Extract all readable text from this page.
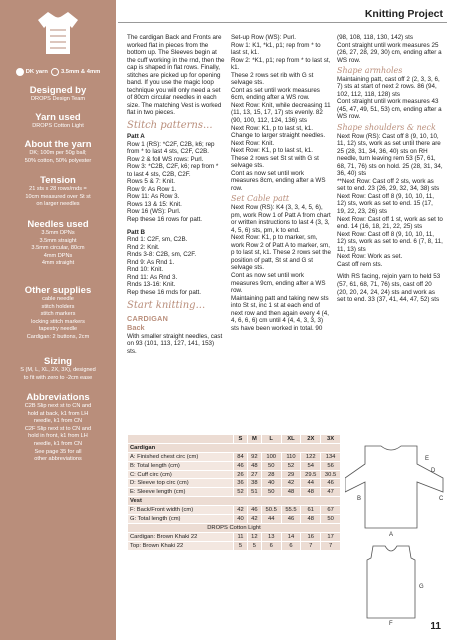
Knitting Project
DK yarn 3.5mm & 4mm
Designed by
DROPS Design Team
Yarn used
DROPS Cotton Light
About the yarn
DK; 100m per 50g ball;
50% cotton, 50% polyester
Tension
21 sts x 28 rows/rnds =
10cm measured over St st
on larger needles
Needles used
3.5mm DPNs
3.5mm straight
3.5mm circular, 80cm
4mm DPNs
4mm straight
Other supplies
cable needle
stitch holders
stitch markers
locking stitch markers
tapestry needle
Cardigan: 2 buttons, 2cm
Sizing
S (M, L, XL, 2X, 3X), designed
to fit with zero to -2cm ease
Abbreviations
C2B Slip next st to CN and
hold at back, k1 from LH
needle, k1 from CN
C2F Slip next st to CN and
hold in front, k1 from LH
needle, k1 from CN
See page 35 for all
other abbreviations

The cardigan Back and Fronts are worked flat in pieces from the bottom up. The Sleeves begin at the cuff working in the rnd, then the cap is shaped in flat rows. Finally, stitches are picked up for opening band. If you use the magic loop technique you will only need a set of 80cm circular needles in each size. The matching Vest is worked flat in two pieces.

Stitch patterns...

Patt A

Row 1 (RS): *C2F, C2B, k6; rep from * to last 4 sts, C2F, C2B.

Row 2 & foll WS rows: Purl.

Row 3: *C2B, C2F, k6; rep from * to last 4 sts, C2B, C2F.

Rows 5 & 7: Knit.

Row 9: As Row 1.

Row 11: As Row 3.

Rows 13 & 15: Knit.

Row 16 (WS): Purl.

Rep these 16 rows for patt.

Patt B

Rnd 1: C2F, sm, C2B.

Rnd 2: Knit.

Rnds 3-8: C2B, sm, C2F.

Rnd 9: As Rnd 1.

Rnd 10: Knit.

Rnd 11: As Rnd 3.

Rnds 13-16: Knit.

Rep these 16 rnds for patt.

Start knitting...
CARDIGAN
Back

With smaller straight needles, cast on 93 (101, 113, 127, 141, 153) sts.

Set-up Row (WS): Purl.

Row 1: K1, *k1, p1; rep from * to last st, k1.

Row 2: *K1, p1; rep from * to last st, k1.

These 2 rows set rib with G st selvage sts.

Cont as set until work measures 6cm, ending after a WS row.

Next Row: Knit, while decreasing 11 (11, 13, 15, 17, 17) sts evenly. 82 (90, 100, 112, 124, 136) sts

Next Row: K1, p to last st, k1. Change to larger straight needles.

Next Row: Knit.

Next Row: K1, p to last st, k1. These 2 rows set St st with G st selvage sts.

Cont as now set until work measures 8cm, ending after a WS row.

Set Cable patt

Next Row (RS): K4 (3, 3, 4, 5, 6), pm, work Row 1 of Patt A from chart or written instructions to last 4 (3, 3, 4, 5, 6) sts, pm, k to end.

Next Row: K1, p to marker, sm, work Row 2 of Patt A to marker, sm, p to last st, k1. These 2 rows set the position of patt, St st and G st selvage sts.

Cont as now set until work measures 9cm, ending after a WS row.

Maintaining patt and taking new sts into St st, inc 1 st at each end of next row and then again every 4 (4, 4, 6, 6, 6) cm until 4 (4, 4, 3, 3, 3) sts have been worked in total. 90

(98, 108, 118, 130, 142) sts

Cont straight until work measures 25 (26, 27, 28, 29, 30) cm, ending after a WS row.

Shape armholes

Maintaining patt, cast off 2 (2, 3, 3, 6, 7) sts at start of next 2 rows. 86 (94, 102, 112, 118, 128) sts

Cont straight until work measures 43 (45, 47, 49, 51, 53) cm, ending after a WS row.

Shape shoulders & neck

Next Row (RS): Cast off 8 (9, 10, 10, 11, 12) sts, work as set until there are 25 (28, 31, 34, 36, 40) sts on RH needle, turn leaving rem 53 (57, 61, 68, 71, 76) sts on hold. 25 (28, 31, 34, 36, 40) sts

**Next Row: Cast off 2 sts, work as set to end. 23 (26, 29, 32, 34, 38) sts

Next Row: Cast off 8 (9, 10, 10, 11, 12) sts, work as set to end. 15 (17, 19, 22, 23, 26) sts

Next Row: Cast off 1 st, work as set to end. 14 (16, 18, 21, 22, 25) sts

Next Row: Cast off 8 (9, 10, 10, 11, 12) sts, work as set to end. 6 (7, 8, 11, 11, 13) sts

Next Row: Work as set.

Cast off rem sts.

With RS facing, rejoin yarn to held 53 (57, 61, 68, 71, 76) sts, cast off 20 (20, 20, 24, 24, 24) sts and work as set to end. 33 (37, 41, 44, 47, 52) sts

	S	M	L	XL	2X	3X
Cardigan						
A: Finished chest circ (cm)	84	92	100	110	122	134
B: Total length (cm)	46	48	50	52	54	56
C: Cuff circ (cm)	26	27	28	29	29.5	30.5
D: Sleeve top circ (cm)	36	38	40	42	44	46
E: Sleeve length (cm)	52	51	50	48	48	47
Vest						
F: Back/Front width (cm)	42	46	50.5	55.5	61	67
G: Total length (cm)	40	42	44	46	48	50
DROPS Cotton Light						
Cardigan: Brown Khaki 22	11	12	13	14	16	17
Top: Brown Khaki 22	5	5	6	6	7	7
E
D
B
A
C
G
F	11
